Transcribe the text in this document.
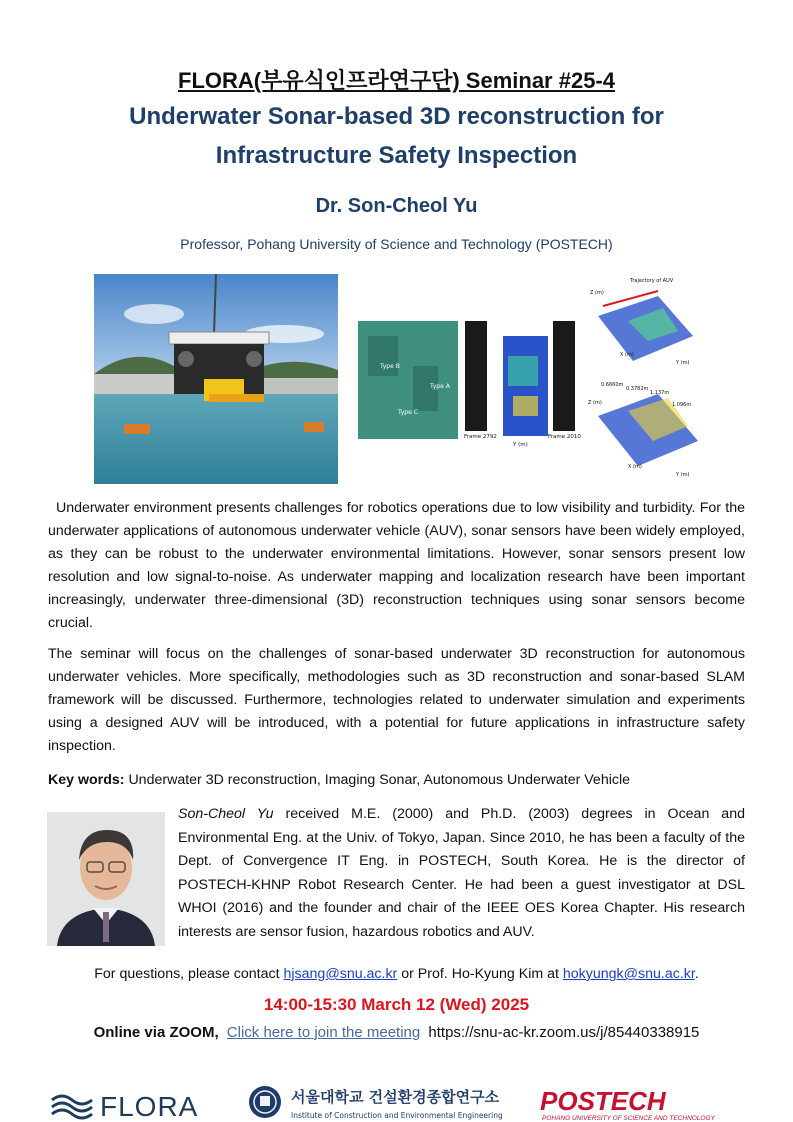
FLORA(부유식인프라연구단) Seminar #25-4
Underwater Sonar-based 3D reconstruction for
Infrastructure Safety Inspection
Dr. Son-Cheol Yu
Professor, Pohang University of Science and Technology (POSTECH)
Type B
Type A
Type C
Frame 2792
Y (m)
Frame 2010
Trajectory of AUV
Z (m)
X (m)
Y (m)
0.6660m
0.3782m
1.137m
1.096m
Z (m)
X (m)
Y (m)

Underwater environment presents challenges for robotics operations due to low visibility and turbidity. For the underwater applications of autonomous underwater vehicle (AUV), sonar sensors have been widely employed, as they can be robust to the underwater environmental limitations. However, sonar sensors present low resolution and low signal-to-noise. As underwater mapping and localization research have been important increasingly, underwater three-dimensional (3D) reconstruction techniques using sonar sensors become crucial.

The seminar will focus on the challenges of sonar-based underwater 3D reconstruction for autonomous underwater vehicles. More specifically, methodologies such as 3D reconstruction and sonar-based SLAM framework will be discussed. Furthermore, technologies related to underwater simulation and experiments using a designed AUV will be introduced, with a potential for future applications in infrastructure safety inspection.

Key words: Underwater 3D reconstruction, Imaging Sonar, Autonomous Underwater Vehicle

Son-Cheol Yu received M.E. (2000) and Ph.D. (2003) degrees in Ocean and Environmental Eng. at the Univ. of Tokyo, Japan. Since 2010, he has been a faculty of the Dept. of Convergence IT Eng. in POSTECH, South Korea. He is the director of POSTECH-KHNP Robot Research Center. He had been a guest investigator at DSL WHOI (2016) and the founder and chair of the IEEE OES Korea Chapter. His research interests are sensor fusion, hazardous robotics and AUV.

For questions, please contact hjsang@snu.ac.kr or Prof. Ho-Kyung Kim at hokyungk@snu.ac.kr.
14:00-15:30 March 12 (Wed) 2025
Online via ZOOM, Click here to join the meeting https://snu-ac-kr.zoom.us/j/85440338915
FLORA	서울대학교 건설환경종합연구소
Institute of Construction and Environmental Engineering POSTECH
POHANG UNIVERSITY OF SCIENCE AND TECHNOLOGY
